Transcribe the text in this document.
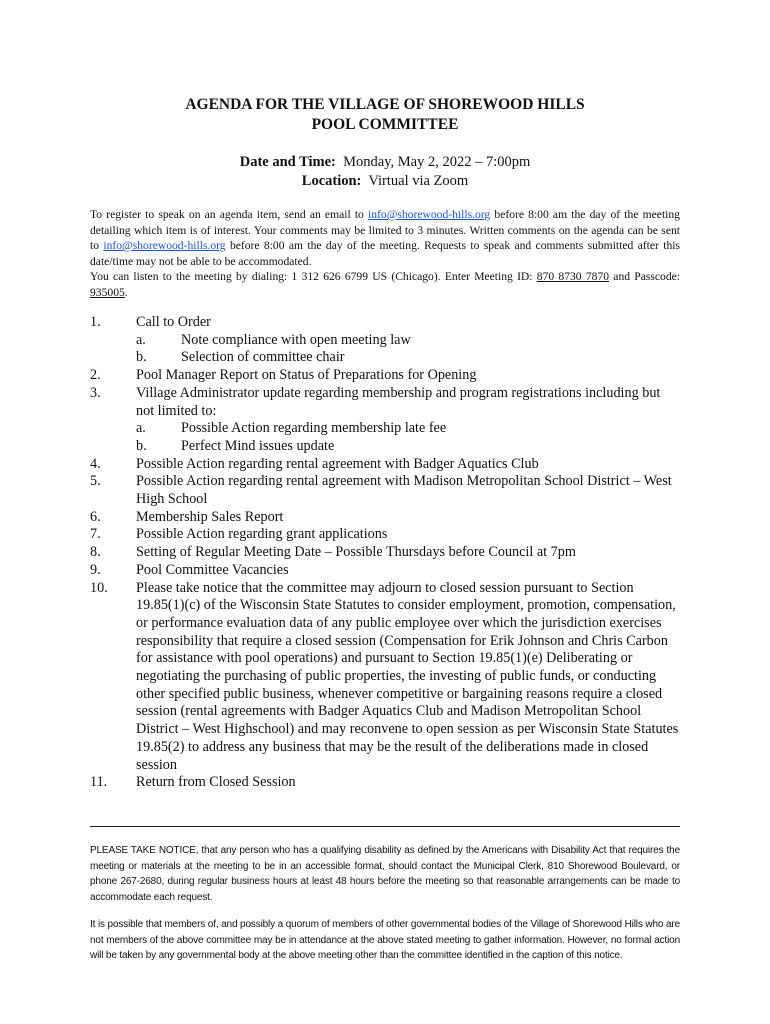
AGENDA FOR THE VILLAGE OF SHOREWOOD HILLS
POOL COMMITTEE
Date and Time: Monday, May 2, 2022 – 7:00pm
Location: Virtual via Zoom
To register to speak on an agenda item, send an email to info@shorewood-hills.org before 8:00 am the day of the meeting detailing which item is of interest. Your comments may be limited to 3 minutes. Written comments on the agenda can be sent to info@shorewood-hills.org before 8:00 am the day of the meeting. Requests to speak and comments submitted after this date/time may not be able to be accommodated.
You can listen to the meeting by dialing: 1 312 626 6799 US (Chicago). Enter Meeting ID: 870 8730 7870 and Passcode: 935005.
1. Call to Order
a. Note compliance with open meeting law
b. Selection of committee chair
2. Pool Manager Report on Status of Preparations for Opening
3. Village Administrator update regarding membership and program registrations including but not limited to:
a. Possible Action regarding membership late fee
b. Perfect Mind issues update
4. Possible Action regarding rental agreement with Badger Aquatics Club
5. Possible Action regarding rental agreement with Madison Metropolitan School District – West High School
6. Membership Sales Report
7. Possible Action regarding grant applications
8. Setting of Regular Meeting Date – Possible Thursdays before Council at 7pm
9. Pool Committee Vacancies
10. Please take notice that the committee may adjourn to closed session pursuant to Section 19.85(1)(c) of the Wisconsin State Statutes to consider employment, promotion, compensation, or performance evaluation data of any public employee over which the jurisdiction exercises responsibility that require a closed session (Compensation for Erik Johnson and Chris Carbon for assistance with pool operations) and pursuant to Section 19.85(1)(e) Deliberating or negotiating the purchasing of public properties, the investing of public funds, or conducting other specified public business, whenever competitive or bargaining reasons require a closed session (rental agreements with Badger Aquatics Club and Madison Metropolitan School District – West Highschool) and may reconvene to open session as per Wisconsin State Statutes 19.85(2) to address any business that may be the result of the deliberations made in closed session
11. Return from Closed Session
PLEASE TAKE NOTICE, that any person who has a qualifying disability as defined by the Americans with Disability Act that requires the meeting or materials at the meeting to be in an accessible format, should contact the Municipal Clerk, 810 Shorewood Boulevard, or phone 267-2680, during regular business hours at least 48 hours before the meeting so that reasonable arrangements can be made to accommodate each request.
It is possible that members of, and possibly a quorum of members of other governmental bodies of the Village of Shorewood Hills who are not members of the above committee may be in attendance at the above stated meeting to gather information. However, no formal action will be taken by any governmental body at the above meeting other than the committee identified in the caption of this notice.
